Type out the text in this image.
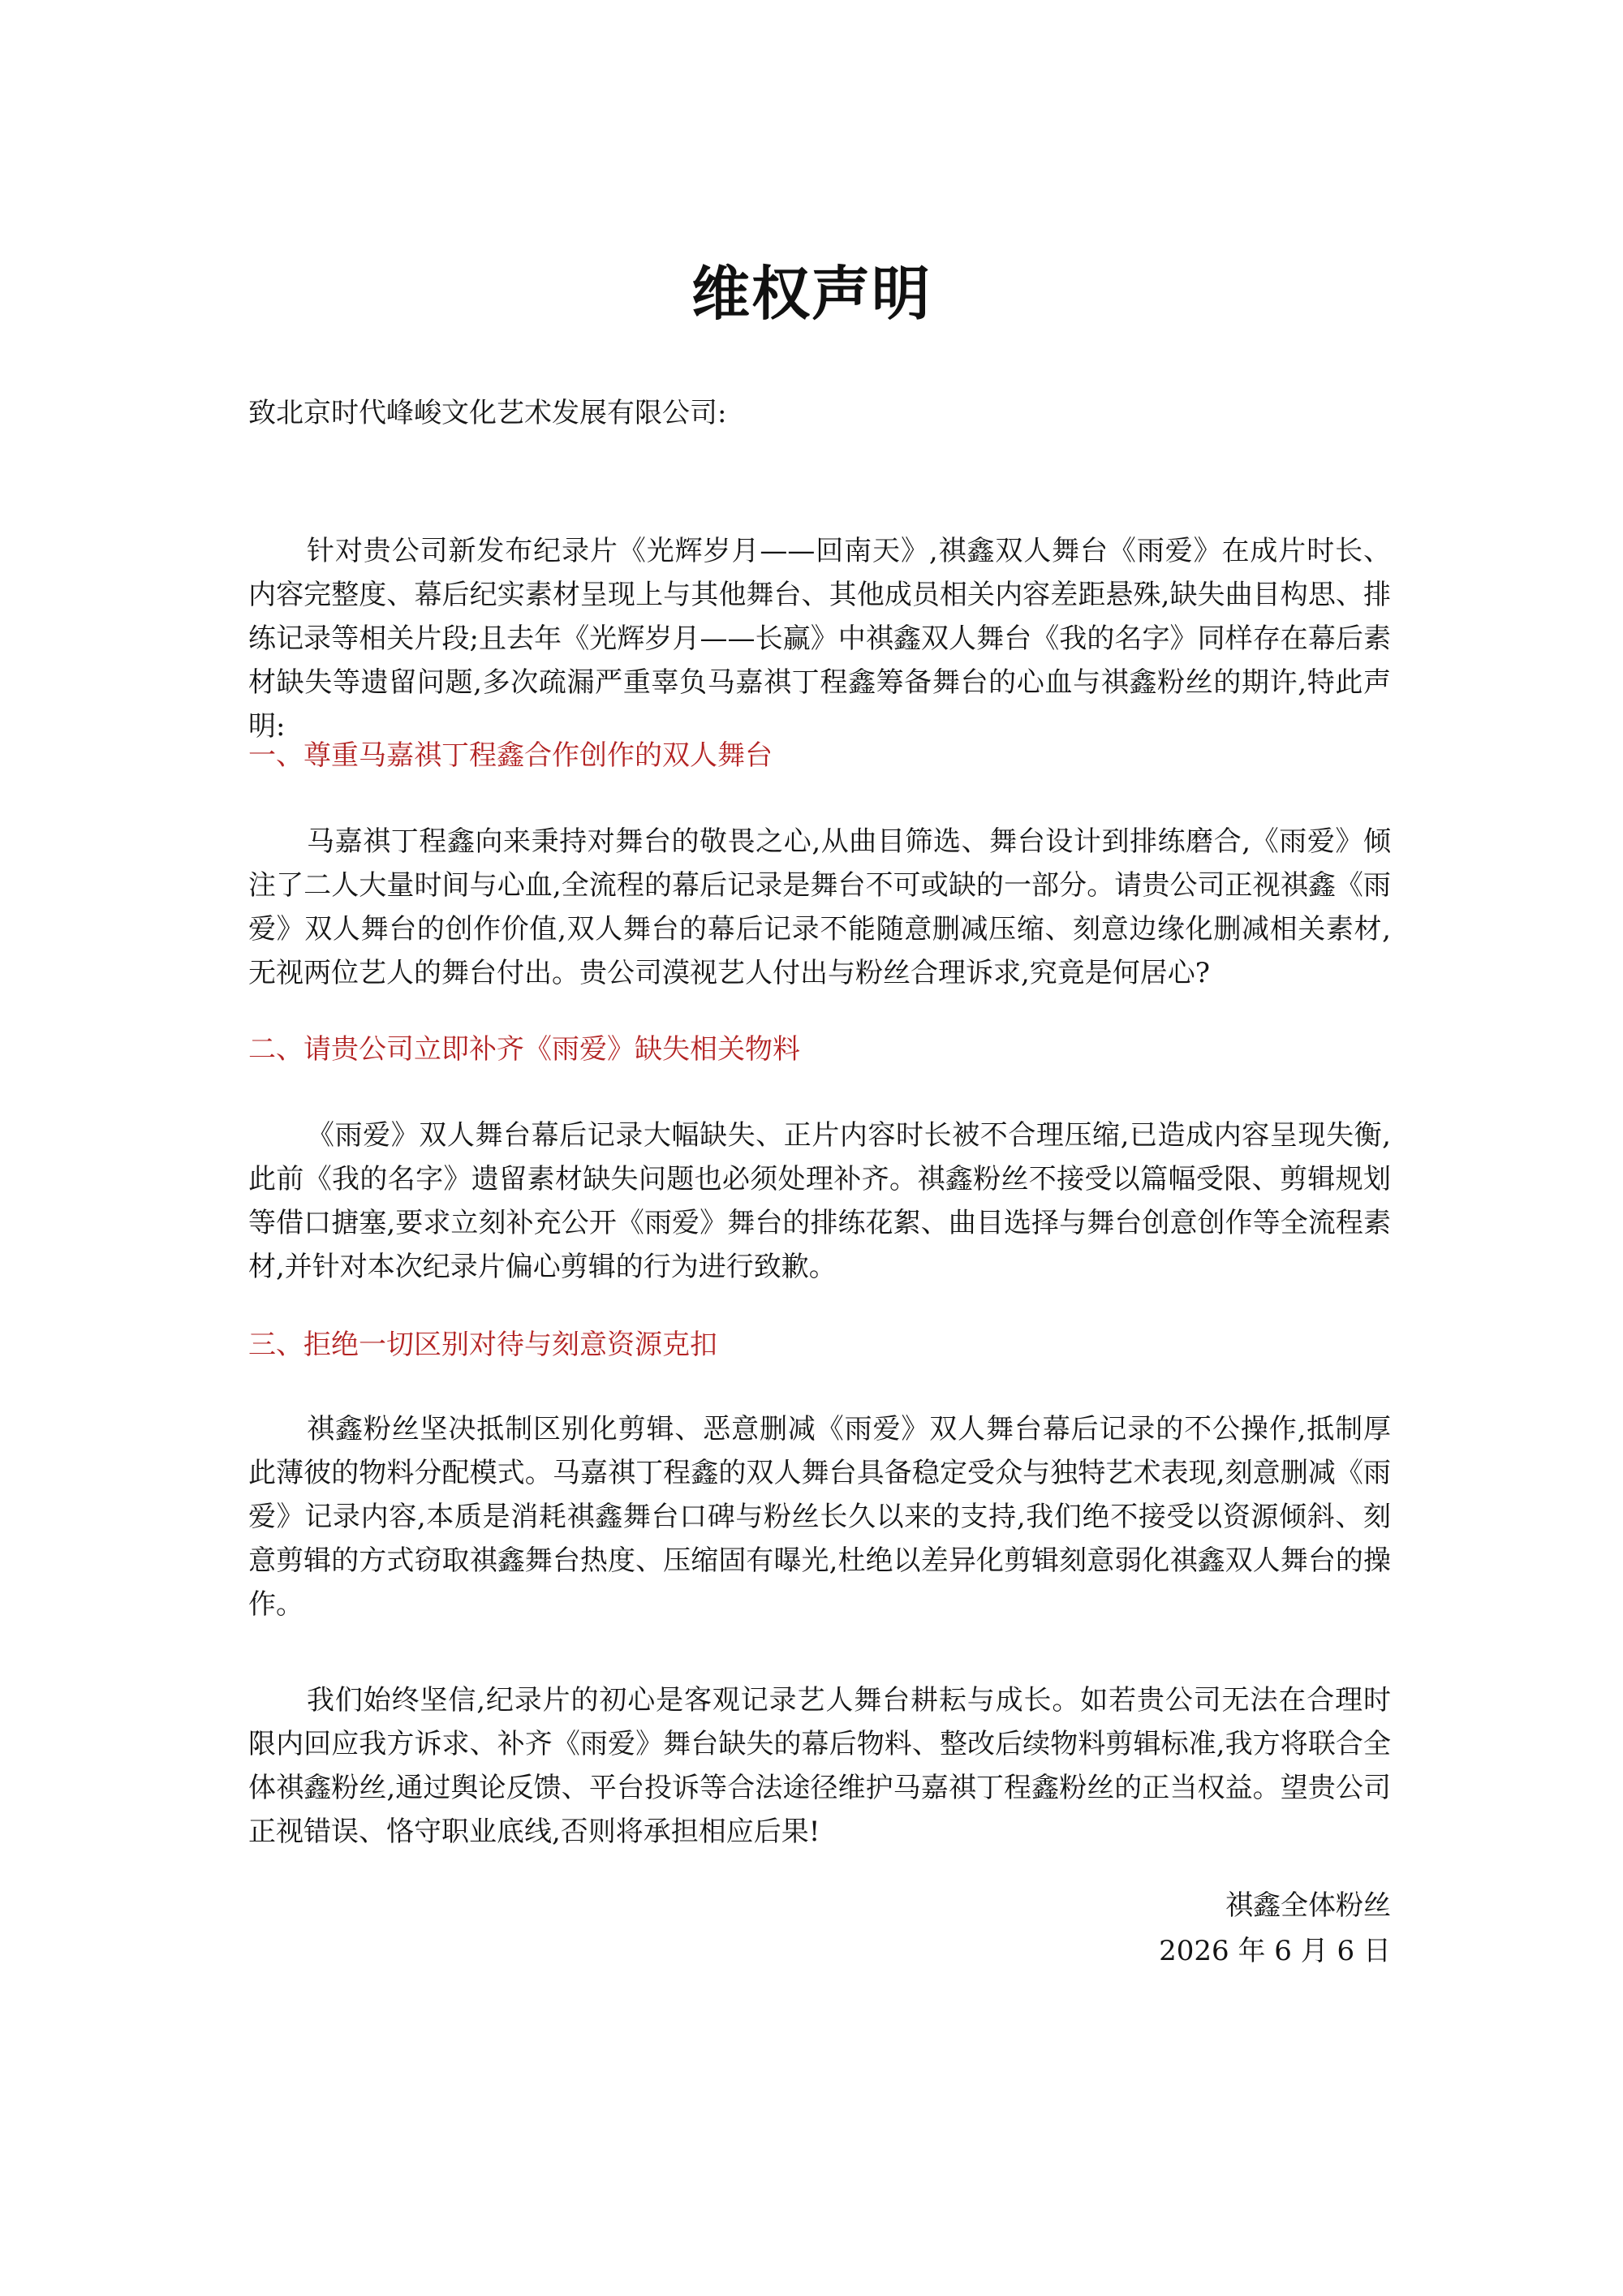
维权声明

致北京时代峰峻文化艺术发展有限公司:

针对贵公司新发布纪录片《光辉岁月——回南天》,祺鑫双人舞台《雨爱》在成片时长、内容完整度、幕后纪实素材呈现上与其他舞台、其他成员相关内容差距悬殊,缺失曲目构思、排练记录等相关片段;且去年《光辉岁月——长赢》中祺鑫双人舞台《我的名字》同样存在幕后素材缺失等遗留问题,多次疏漏严重辜负马嘉祺丁程鑫筹备舞台的心血与祺鑫粉丝的期许,特此声明:

一、尊重马嘉祺丁程鑫合作创作的双人舞台

马嘉祺丁程鑫向来秉持对舞台的敬畏之心,从曲目筛选、舞台设计到排练磨合,《雨爱》倾注了二人大量时间与心血,全流程的幕后记录是舞台不可或缺的一部分。请贵公司正视祺鑫《雨爱》双人舞台的创作价值,双人舞台的幕后记录不能随意删减压缩、刻意边缘化删减相关素材,无视两位艺人的舞台付出。贵公司漠视艺人付出与粉丝合理诉求,究竟是何居心?

二、请贵公司立即补齐《雨爱》缺失相关物料

《雨爱》双人舞台幕后记录大幅缺失、正片内容时长被不合理压缩,已造成内容呈现失衡,此前《我的名字》遗留素材缺失问题也必须处理补齐。祺鑫粉丝不接受以篇幅受限、剪辑规划等借口搪塞,要求立刻补充公开《雨爱》舞台的排练花絮、曲目选择与舞台创意创作等全流程素材,并针对本次纪录片偏心剪辑的行为进行致歉。

三、拒绝一切区别对待与刻意资源克扣

祺鑫粉丝坚决抵制区别化剪辑、恶意删减《雨爱》双人舞台幕后记录的不公操作,抵制厚此薄彼的物料分配模式。马嘉祺丁程鑫的双人舞台具备稳定受众与独特艺术表现,刻意删减《雨爱》记录内容,本质是消耗祺鑫舞台口碑与粉丝长久以来的支持,我们绝不接受以资源倾斜、刻意剪辑的方式窃取祺鑫舞台热度、压缩固有曝光,杜绝以差异化剪辑刻意弱化祺鑫双人舞台的操作。

我们始终坚信,纪录片的初心是客观记录艺人舞台耕耘与成长。如若贵公司无法在合理时限内回应我方诉求、补齐《雨爱》舞台缺失的幕后物料、整改后续物料剪辑标准,我方将联合全体祺鑫粉丝,通过舆论反馈、平台投诉等合法途径维护马嘉祺丁程鑫粉丝的正当权益。望贵公司正视错误、恪守职业底线,否则将承担相应后果!

祺鑫全体粉丝
2026 年 6 月 6 日
